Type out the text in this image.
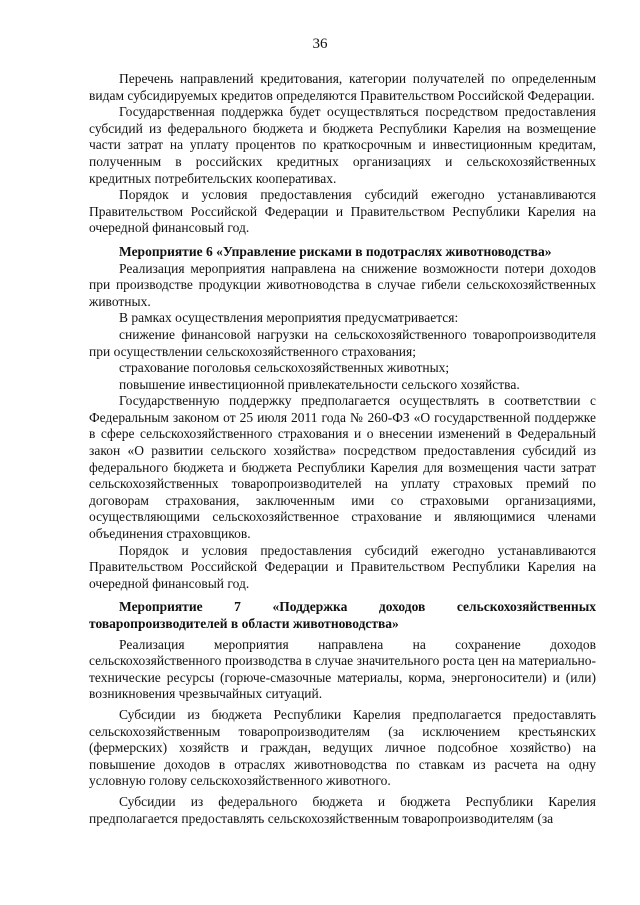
36

Перечень направлений кредитования, категории получателей по определенным видам субсидируемых кредитов определяются Правительством Российской Федерации.

Государственная поддержка будет осуществляться посредством предоставления субсидий из федерального бюджета и бюджета Республики Карелия на возмещение части затрат на уплату процентов по краткосрочным и инвестиционным кредитам, полученным в российских кредитных организациях и сельскохозяйственных кредитных потребительских кооперативах.

Порядок и условия предоставления субсидий ежегодно устанавливаются Правительством Российской Федерации и Правительством Республики Карелия на очередной финансовый год.

Мероприятие 6 «Управление рисками в подотраслях животноводства»

Реализация мероприятия направлена на снижение возможности потери доходов при производстве продукции животноводства в случае гибели сельскохозяйственных животных.

В рамках осуществления мероприятия предусматривается:

снижение финансовой нагрузки на сельскохозяйственного товаропроизводителя при осуществлении сельскохозяйственного страхования;

страхование поголовья сельскохозяйственных животных;

повышение инвестиционной привлекательности сельского хозяйства.

Государственную поддержку предполагается осуществлять в соответствии с Федеральным законом от 25 июля 2011 года № 260-ФЗ «О государственной поддержке в сфере сельскохозяйственного страхования и о внесении изменений в Федеральный закон «О развитии сельского хозяйства» посредством предоставления субсидий из федерального бюджета и бюджета Республики Карелия для возмещения части затрат сельскохозяйственных товаропроизводителей на уплату страховых премий по договорам страхования, заключенным ими со страховыми организациями, осуществляющими сельскохозяйственное страхование и являющимися членами объединения страховщиков.

Порядок и условия предоставления субсидий ежегодно устанавливаются Правительством Российской Федерации и Правительством Республики Карелия на очередной финансовый год.

Мероприятие 7 «Поддержка доходов сельскохозяйственных товаропроизводителей в области животноводства»

Реализация мероприятия направлена на сохранение доходов сельскохозяйственного производства в случае значительного роста цен на материально-технические ресурсы (горюче-смазочные материалы, корма, энергоносители) и (или) возникновения чрезвычайных ситуаций.

Субсидии из бюджета Республики Карелия предполагается предоставлять сельскохозяйственным товаропроизводителям (за исключением крестьянских (фермерских) хозяйств и граждан, ведущих личное подсобное хозяйство) на повышение доходов в отраслях животноводства по ставкам из расчета на одну условную голову сельскохозяйственного животного.

Субсидии из федерального бюджета и бюджета Республики Карелия предполагается предоставлять сельскохозяйственным товаропроизводителям (за
